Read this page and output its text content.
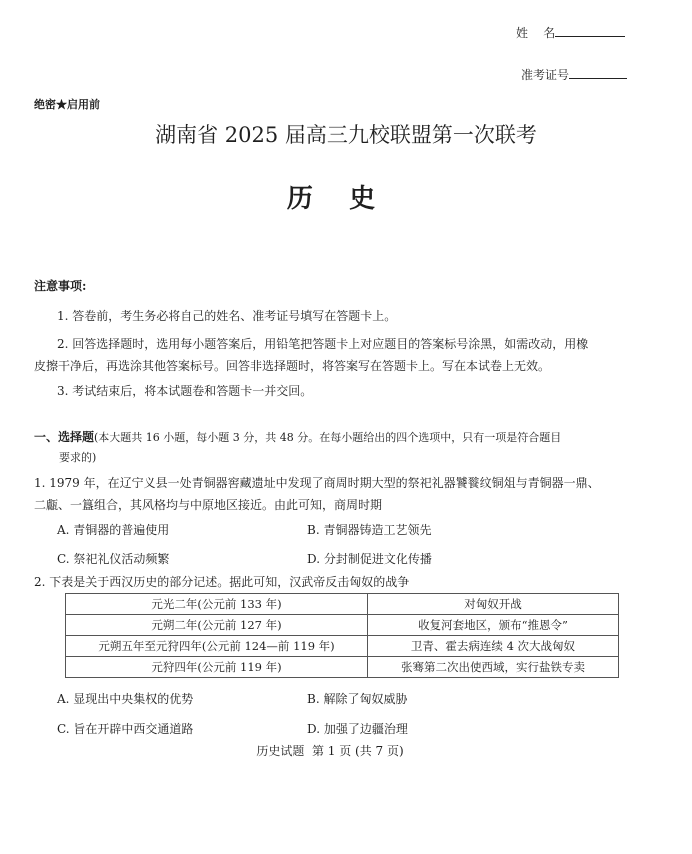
姓    名
准考证号
绝密★启用前
湖南省 2025 届高三九校联盟第一次联考
历    史
注意事项:
1. 答卷前，考生务必将自己的姓名、准考证号填写在答题卡上。
2. 回答选择题时，选用每小题答案后，用铅笔把答题卡上对应题目的答案标号涂黑，如需改动，用橡
皮擦干净后，再选涂其他答案标号。回答非选择题时，将答案写在答题卡上。写在本试卷上无效。
3. 考试结束后，将本试题卷和答题卡一并交回。
一、选择题(本大题共 16 小题，每小题 3 分，共 48 分。在每小题给出的四个选项中，只有一项是符合题目
要求的)
1. 1979 年，在辽宁义县一处青铜器窖藏遗址中发现了商周时期大型的祭祀礼器饕餮纹铜俎与青铜器一鼎、
二甗、一簋组合，其风格均与中原地区接近。由此可知，商周时期
A. 青铜器的普遍使用	B. 青铜器铸造工艺领先
C. 祭祀礼仪活动频繁	D. 分封制促进文化传播
2. 下表是关于西汉历史的部分记述。据此可知，汉武帝反击匈奴的战争
元光二年(公元前 133 年)	对匈奴开战
元朔二年(公元前 127 年)	收复河套地区，颁布“推恩令”
元朔五年至元狩四年(公元前 124—前 119 年)	卫青、霍去病连续 4 次大战匈奴
元狩四年(公元前 119 年)	张骞第二次出使西域，实行盐铁专卖
A. 显现出中央集权的优势	B. 解除了匈奴威胁
C. 旨在开辟中西交通道路	D. 加强了边疆治理
历史试题  第 1 页 (共 7 页)
